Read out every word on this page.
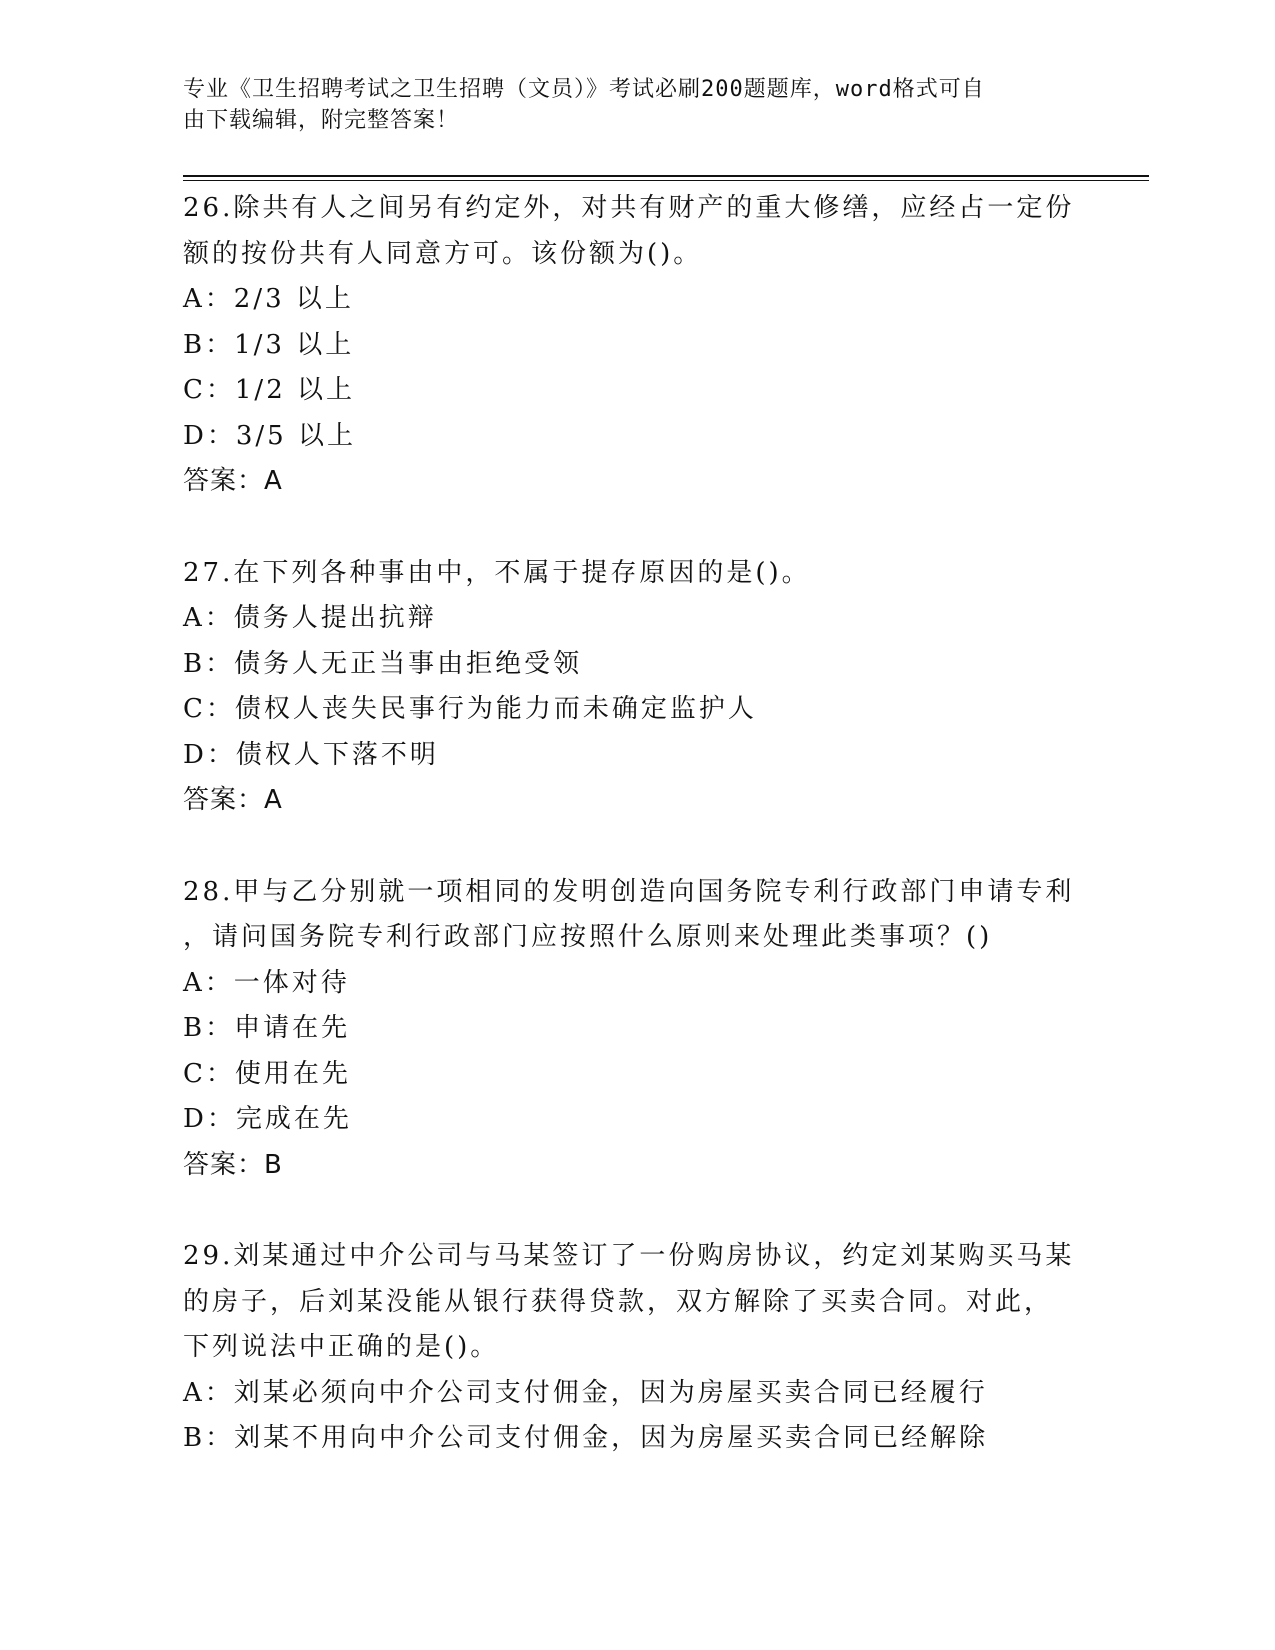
专业《卫生招聘考试之卫生招聘（文员）》考试必刷200题题库，word格式可自
由下载编辑，附完整答案！
26.除共有人之间另有约定外，对共有财产的重大修缮，应经占一定份
额的按份共有人同意方可。该份额为()。
A：2/3 以上
B：1/3 以上
C：1/2 以上
D：3/5 以上
答案：A
27.在下列各种事由中，不属于提存原因的是()。
A：债务人提出抗辩
B：债务人无正当事由拒绝受领
C：债权人丧失民事行为能力而未确定监护人
D：债权人下落不明
答案：A
28.甲与乙分别就一项相同的发明创造向国务院专利行政部门申请专利
，请问国务院专利行政部门应按照什么原则来处理此类事项？()
A：一体对待
B：申请在先
C：使用在先
D：完成在先
答案：B
29.刘某通过中介公司与马某签订了一份购房协议，约定刘某购买马某
的房子，后刘某没能从银行获得贷款，双方解除了买卖合同。对此，
下列说法中正确的是()。
A：刘某必须向中介公司支付佣金，因为房屋买卖合同已经履行
B：刘某不用向中介公司支付佣金，因为房屋买卖合同已经解除
